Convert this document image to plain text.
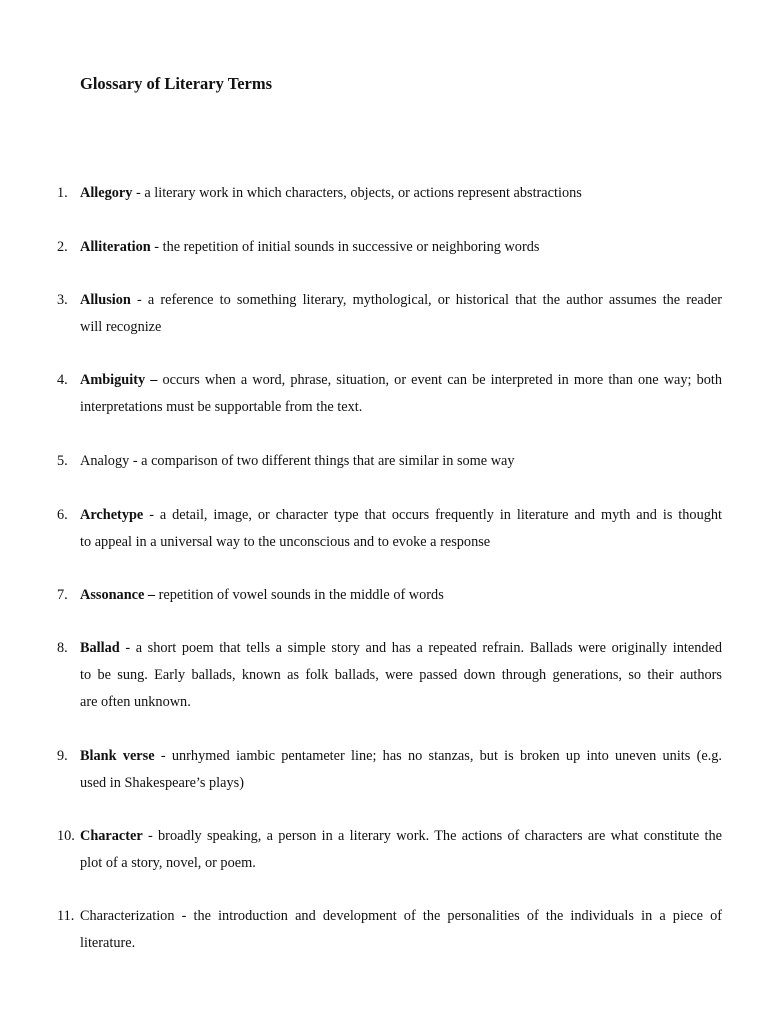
Glossary of Literary Terms
1. Allegory - a literary work in which characters, objects, or actions represent abstractions
2. Alliteration - the repetition of initial sounds in successive or neighboring words
3. Allusion - a reference to something literary, mythological, or historical that the author assumes the reader
will recognize
4. Ambiguity – occurs when a word, phrase, situation, or event can be interpreted in more than one way; both
interpretations must be supportable from the text.
5. Analogy - a comparison of two different things that are similar in some way
6. Archetype - a detail, image, or character type that occurs frequently in literature and myth and is thought
to appeal in a universal way to the unconscious and to evoke a response
7. Assonance – repetition of vowel sounds in the middle of words
8. Ballad - a short poem that tells a simple story and has a repeated refrain. Ballads were originally intended
to be sung. Early ballads, known as folk ballads, were passed down through generations, so their authors
are often unknown.
9. Blank verse - unrhymed iambic pentameter line; has no stanzas, but is broken up into uneven units (e.g.
used in Shakespeare’s plays)
10. Character - broadly speaking, a person in a literary work. The actions of characters are what constitute the
plot of a story, novel, or poem.
11. Characterization - the introduction and development of the personalities of the individuals in a piece of
literature.
